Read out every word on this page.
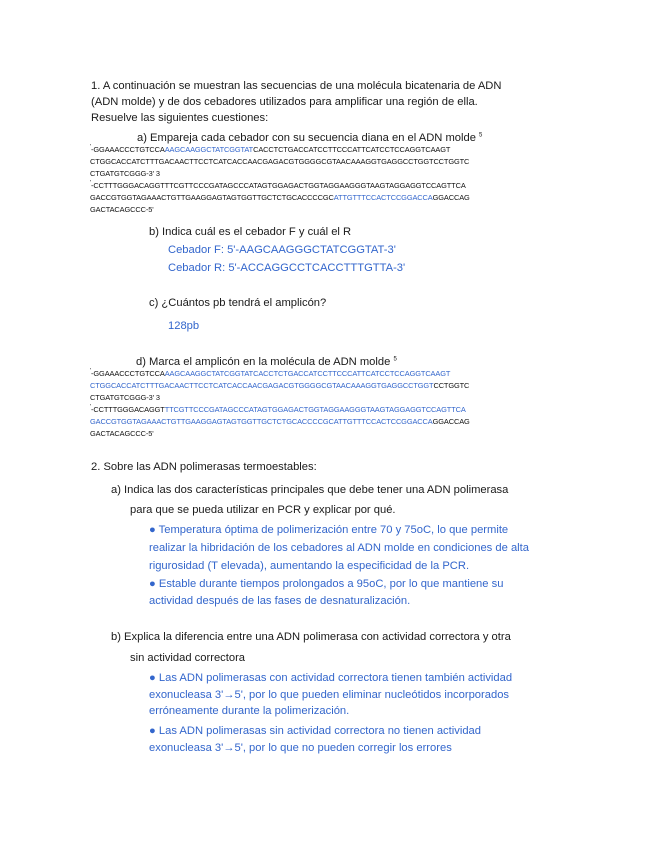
1. A continuación se muestran las secuencias de una molécula bicatenaria de ADN
(ADN molde) y de dos cebadores utilizados para amplificar una región de ella.
Resuelve las siguientes cuestiones:
a) Empareja cada cebador con su secuencia diana en el ADN molde $^5$
'-GGAAACCCTGTCCAAAGCAAGGCTATCGGTATCACCTCTGACCATCCTTCCCATTCATCCTCCAGGTCAAGT
CTGGCACCATCTTTGACAACTTCCTCATCACCAACGAGACGTGGGGCGTAACAAAGGTGAGGCCTGGTCCTGGTC
CTGATGTCGGG-3' 3
'-CCTTTGGGACAGGTTTCGTTCCCGATAGCCCATAGTGGAGACTGGTAGGAAGGGTAAGTAGGAGGTCCAGTTCA
GACCGTGGTAGAAACTGTTGAAGGAGTAGTGGTTGCTCTGCACCCCGCATTGTTTCCACTCCGGACCAGGACCAG
GACTACAGCCC-5'
b) Indica cuál es el cebador F y cuál el R
Cebador F: 5'-AAGCAAGGGCTATCGGTAT-3'
Cebador R: 5'-ACCAGGCCTCACCTTTGTTA-3'
c) ¿Cuántos pb tendrá el amplicón?
128pb
d) Marca el amplicón en la molécula de ADN molde $^5$
'-GGAAACCCTGTCCAAAGCAAGGCTATCGGTATCACCTCTGACCATCCTTCCCATTCATCCTCCAGGTCAAGT
CTGGCACCATCTTTGACAACTTCCTCATCACCAACGAGACGTGGGGCGTAACAAAGGTGAGGCCTGGTCCTGGTC
CTGATGTCGGG-3' 3
'-CCTTTGGGACAGGTTTCGTTCCCGATAGCCCATAGTGGAGACTGGTAGGAAGGGTAAGTAGGAGGTCCAGTTCA
GACCGTGGTAGAAACTGTTGAAGGAGTAGTGGTTGCTCTGCACCCCGCATTGTTTCCACTCCGGACCAGGACCAG
GACTACAGCCC-5'
2. Sobre las ADN polimerasas termoestables:
a) Indica las dos características principales que debe tener una ADN polimerasa
para que se pueda utilizar en PCR y explicar por qué.
● Temperatura óptima de polimerización entre 70 y 75oC, lo que permite
realizar la hibridación de los cebadores al ADN molde en condiciones de alta
rigurosidad (T elevada), aumentando la especificidad de la PCR.
● Estable durante tiempos prolongados a 95oC, por lo que mantiene su
actividad después de las fases de desnaturalización.
b) Explica la diferencia entre una ADN polimerasa con actividad correctora y otra
sin actividad correctora
● Las ADN polimerasas con actividad correctora tienen también actividad
exonucleasa 3'→5', por lo que pueden eliminar nucleótidos incorporados
erróneamente durante la polimerización.
● Las ADN polimerasas sin actividad correctora no tienen actividad
exonucleasa 3'→5', por lo que no pueden corregir los errores
